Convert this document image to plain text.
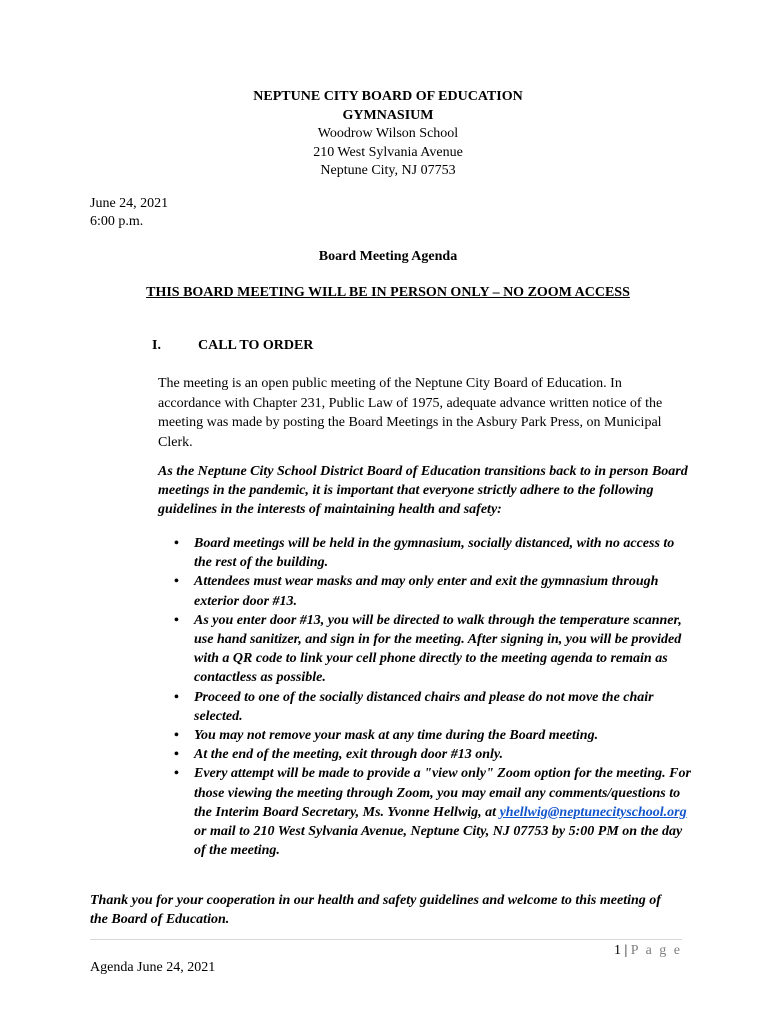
NEPTUNE CITY BOARD OF EDUCATION
GYMNASIUM
Woodrow Wilson School
210 West Sylvania Avenue
Neptune City, NJ 07753
June 24, 2021
6:00 p.m.
Board Meeting Agenda
THIS BOARD MEETING WILL BE IN PERSON ONLY – NO ZOOM ACCESS
I.	CALL TO ORDER
The meeting is an open public meeting of the Neptune City Board of Education. In accordance with Chapter 231, Public Law of 1975, adequate advance written notice of the meeting was made by posting the Board Meetings in the Asbury Park Press, on Municipal Clerk.
As the Neptune City School District Board of Education transitions back to in person Board meetings in the pandemic, it is important that everyone strictly adhere to the following guidelines in the interests of maintaining health and safety:
• Board meetings will be held in the gymnasium, socially distanced, with no access to the rest of the building.
• Attendees must wear masks and may only enter and exit the gymnasium through exterior door #13.
• As you enter door #13, you will be directed to walk through the temperature scanner, use hand sanitizer, and sign in for the meeting. After signing in, you will be provided with a QR code to link your cell phone directly to the meeting agenda to remain as contactless as possible.
• Proceed to one of the socially distanced chairs and please do not move the chair selected.
• You may not remove your mask at any time during the Board meeting.
• At the end of the meeting, exit through door #13 only.
• Every attempt will be made to provide a "view only" Zoom option for the meeting. For those viewing the meeting through Zoom, you may email any comments/questions to the Interim Board Secretary, Ms. Yvonne Hellwig, at yhellwig@neptunecityschool.org or mail to 210 West Sylvania Avenue, Neptune City, NJ 07753 by 5:00 PM on the day of the meeting.
Thank you for your cooperation in our health and safety guidelines and welcome to this meeting of the Board of Education.
1 | P a g e
Agenda June 24, 2021
